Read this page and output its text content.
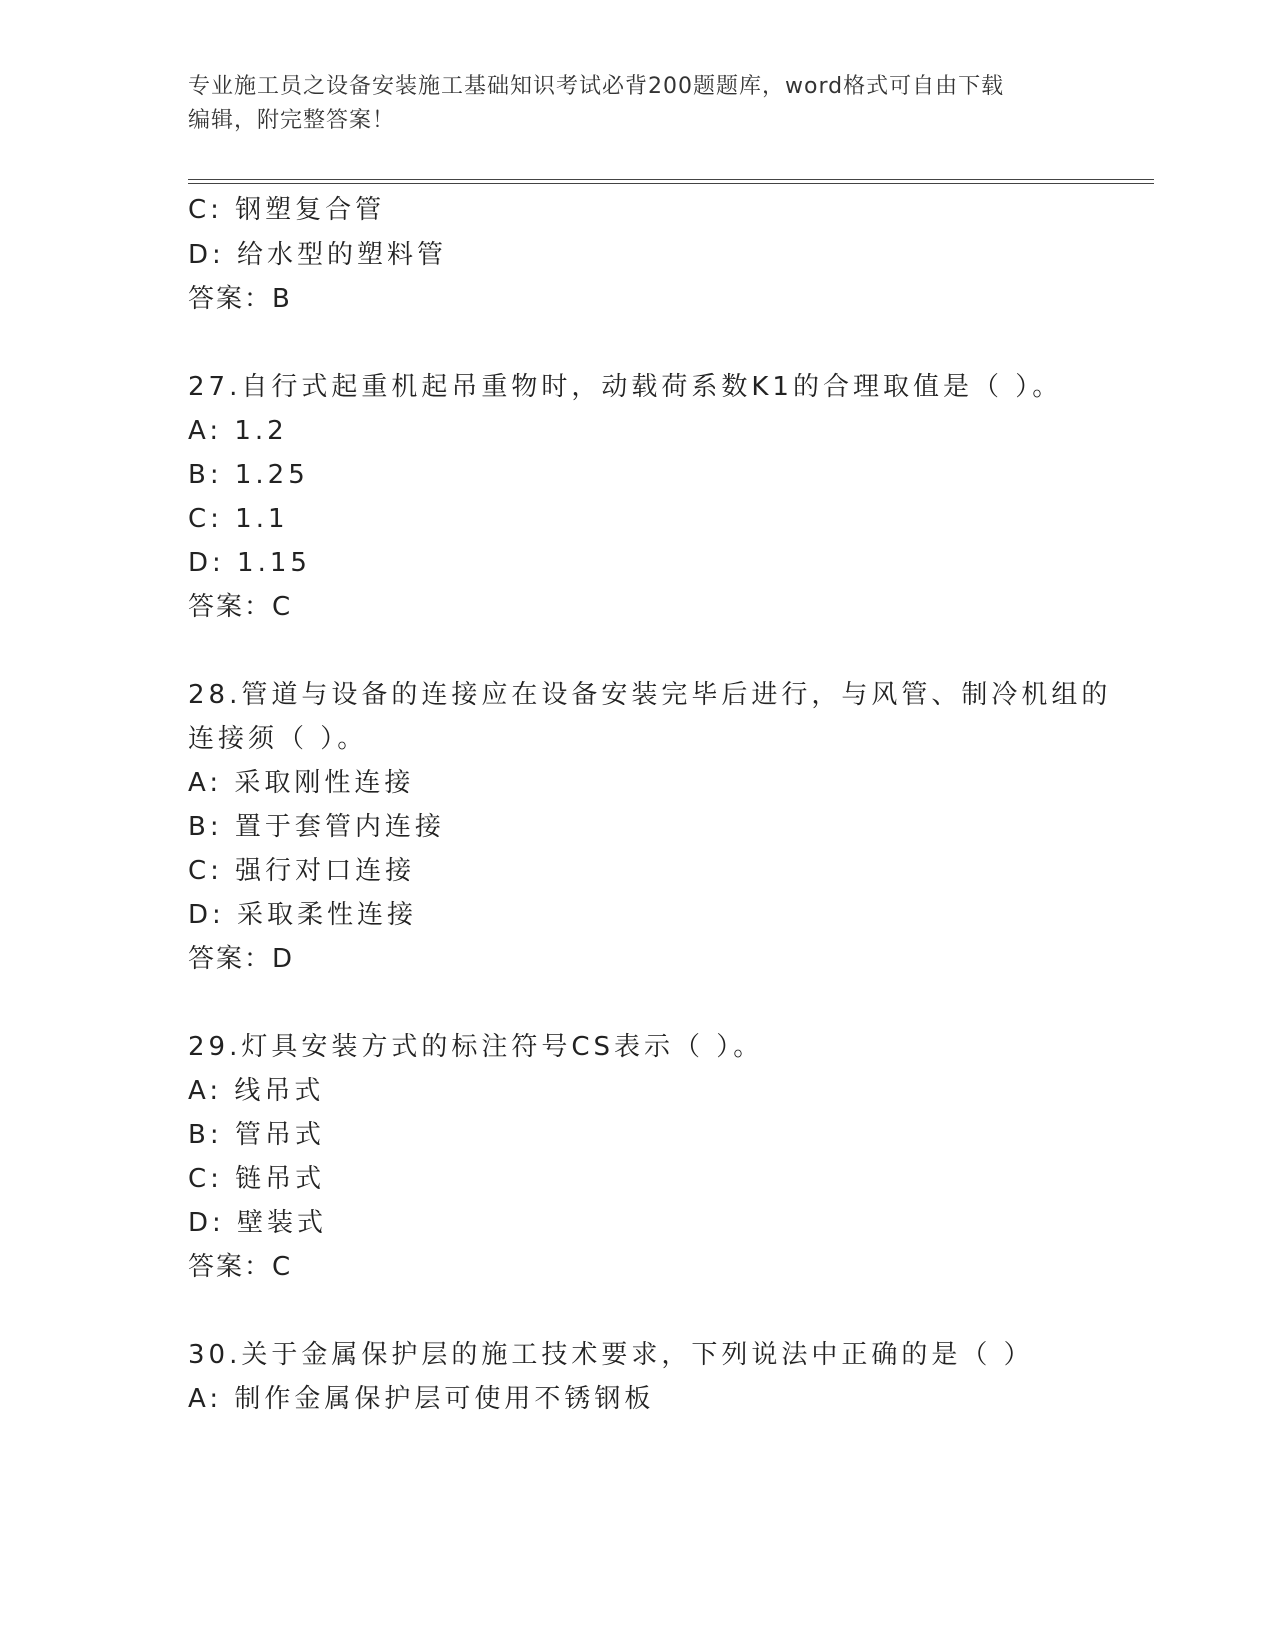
专业施工员之设备安装施工基础知识考试必背200题题库，word格式可自由下载
编辑，附完整答案！
C: 钢塑复合管
D: 给水型的塑料管
答案：B
27.自行式起重机起吊重物时，动载荷系数K1的合理取值是（ ）。
A: 1.2
B: 1.25
C: 1.1
D: 1.15
答案：C
28.管道与设备的连接应在设备安装完毕后进行，与风管、制冷机组的
连接须（ ）。
A: 采取刚性连接
B: 置于套管内连接
C: 强行对口连接
D: 采取柔性连接
答案：D
29.灯具安装方式的标注符号CS表示（ ）。
A: 线吊式
B: 管吊式
C: 链吊式
D: 壁装式
答案：C
30.关于金属保护层的施工技术要求，下列说法中正确的是（ ）
A: 制作金属保护层可使用不锈钢板
